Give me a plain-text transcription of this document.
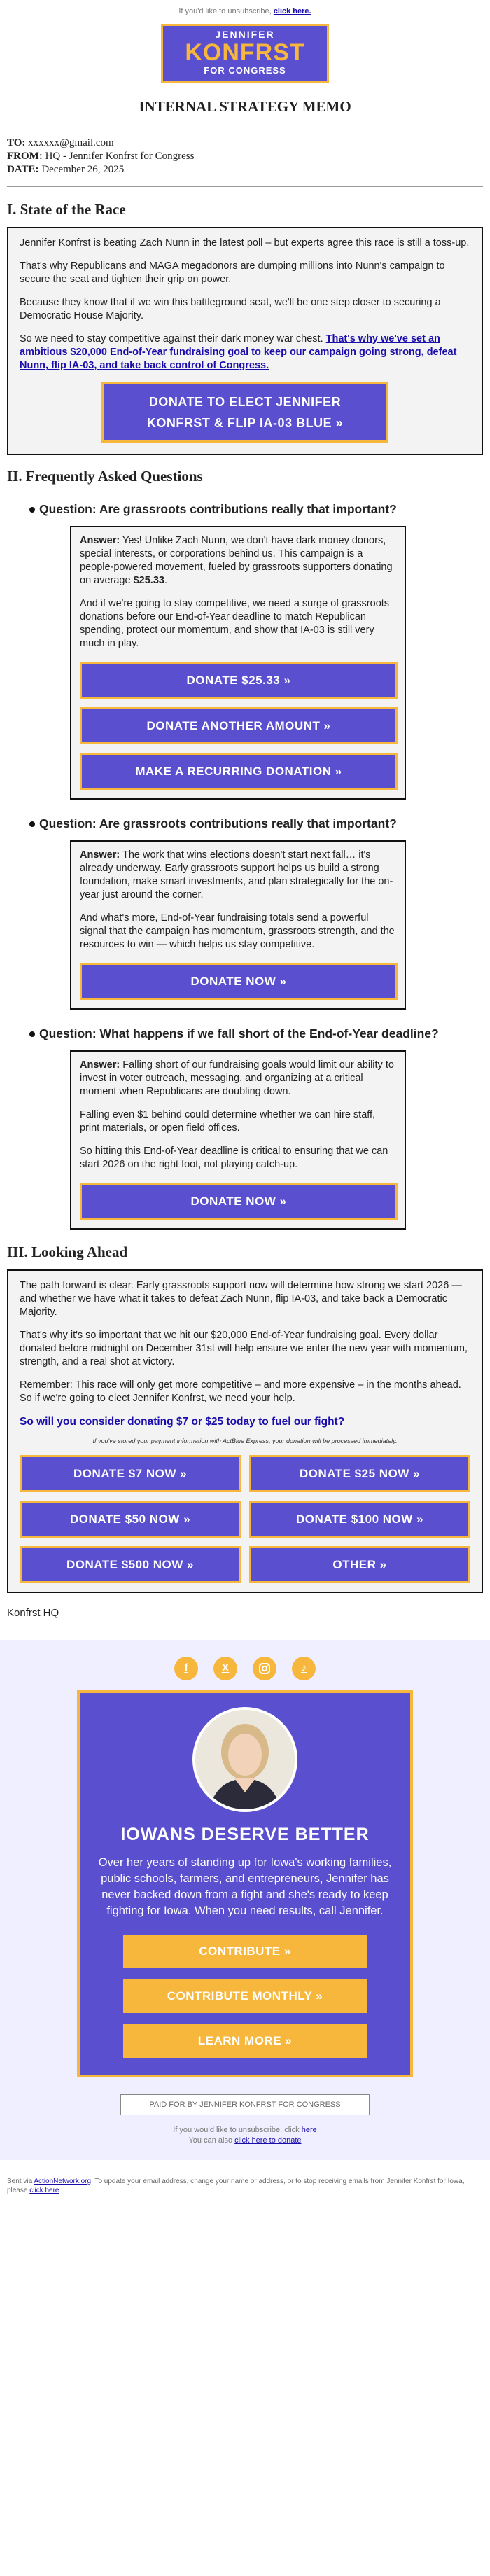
If you'd like to unsubscribe, click here.
JENNIFER
KONFRST
FOR CONGRESS
INTERNAL STRATEGY MEMO
TO: xxxxxx@gmail.com
FROM: HQ - Jennifer Konfrst for Congress
DATE: December 26, 2025
I. State of the Race

Jennifer Konfrst is beating Zach Nunn in the latest poll – but experts agree this race is still a toss-up.

That's why Republicans and MAGA megadonors are dumping millions into Nunn's campaign to secure the seat and tighten their grip on power.

Because they know that if we win this battleground seat, we'll be one step closer to securing a Democratic House Majority.

So we need to stay competitive against their dark money war chest. That's why we've set an ambitious $20,000 End-of-Year fundraising goal to keep our campaign going strong, defeat Nunn, flip IA-03, and take back control of Congress.

DONATE TO ELECT JENNIFER KONFRST & FLIP IA-03 BLUE »
II. Frequently Asked Questions
Question: Are grassroots contributions really that important?

Answer: Yes! Unlike Zach Nunn, we don't have dark money donors, special interests, or corporations behind us. This campaign is a people-powered movement, fueled by grassroots supporters donating on average $25.33.

And if we're going to stay competitive, we need a surge of grassroots donations before our End-of-Year deadline to match Republican spending, protect our momentum, and show that IA-03 is still very much in play.

DONATE $25.33 »
DONATE ANOTHER AMOUNT »
MAKE A RECURRING DONATION »
Question: Are grassroots contributions really that important?

Answer: The work that wins elections doesn't start next fall… it's already underway. Early grassroots support helps us build a strong foundation, make smart investments, and plan strategically for the on-year just around the corner.

And what's more, End-of-Year fundraising totals send a powerful signal that the campaign has momentum, grassroots strength, and the resources to win — which helps us stay competitive.

DONATE NOW »
Question: What happens if we fall short of the End-of-Year deadline?

Answer: Falling short of our fundraising goals would limit our ability to invest in voter outreach, messaging, and organizing at a critical moment when Republicans are doubling down.

Falling even $1 behind could determine whether we can hire staff, print materials, or open field offices.

So hitting this End-of-Year deadline is critical to ensuring that we can start 2026 on the right foot, not playing catch-up.

DONATE NOW »
III. Looking Ahead

The path forward is clear. Early grassroots support now will determine how strong we start 2026 — and whether we have what it takes to defeat Zach Nunn, flip IA-03, and take back a Democratic Majority.

That's why it's so important that we hit our $20,000 End-of-Year fundraising goal. Every dollar donated before midnight on December 31st will help ensure we enter the new year with momentum, strength, and a real shot at victory.

Remember: This race will only get more competitive – and more expensive – in the months ahead. So if we're going to elect Jennifer Konfrst, we need your help.

So will you consider donating $7 or $25 today to fuel our fight?

If you've stored your payment information with ActBlue Express, your donation will be processed immediately.
DONATE $7 NOW »	DONATE $25 NOW »
DONATE $50 NOW »	DONATE $100 NOW »
DONATE $500 NOW »	OTHER »
Konfrst HQ
f	X	♪
IOWANS DESERVE BETTER

Over her years of standing up for Iowa's working families, public schools, farmers, and entrepreneurs, Jennifer has never backed down from a fight and she's ready to keep fighting for Iowa. When you need results, call Jennifer.

CONTRIBUTE »
CONTRIBUTE MONTHLY »
LEARN MORE »
PAID FOR BY JENNIFER KONFRST FOR CONGRESS
If you would like to unsubscribe, click here
You can also click here to donate
Sent via ActionNetwork.org. To update your email address, change your name or address, or to stop receiving emails from Jennifer Konfrst for Iowa, please click here
